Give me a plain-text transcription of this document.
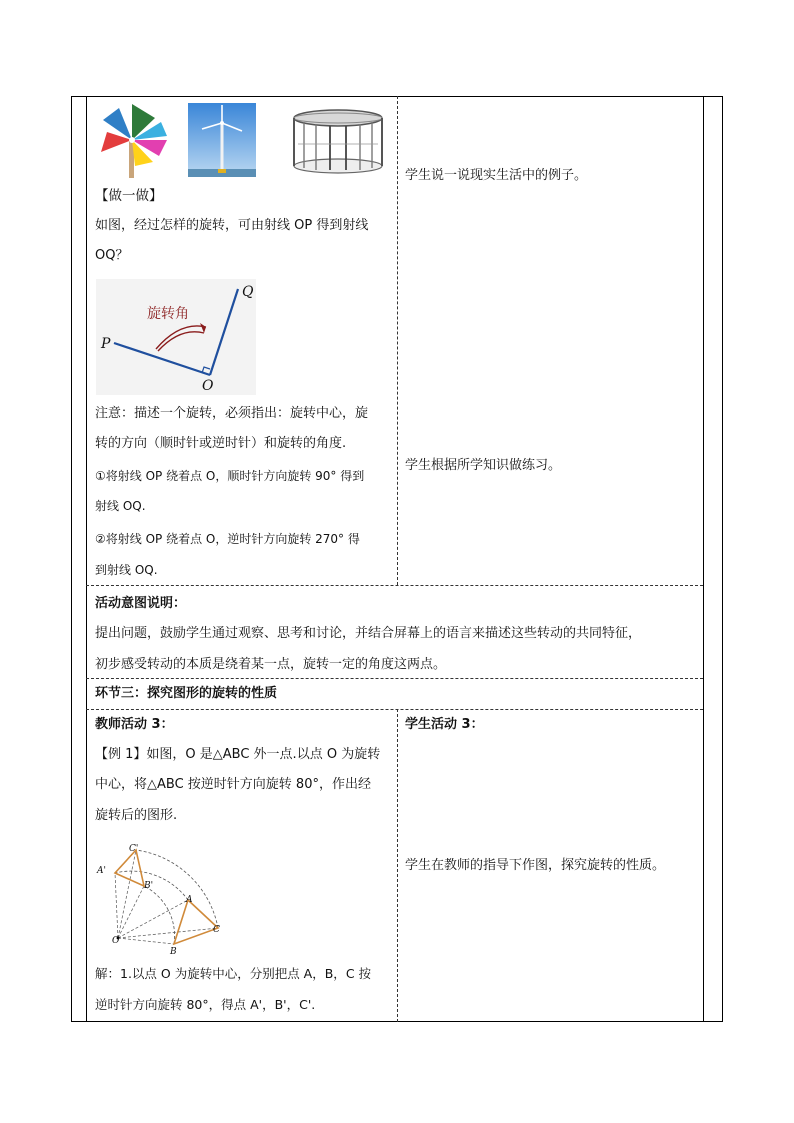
【做一做】
如图，经过怎样的旋转，可由射线 OP 得到射线
OQ？
旋转角
P
Q
O
注意：描述一个旋转，必须指出：旋转中心，旋
转的方向（顺时针或逆时针）和旋转的角度.
①将射线 OP 绕着点 O，顺时针方向旋转 90° 得到
射线 OQ.
②将射线 OP 绕着点 O，逆时针方向旋转 270° 得
到射线 OQ.
学生说一说现实生活中的例子。
学生根据所学知识做练习。
活动意图说明：
提出问题，鼓励学生通过观察、思考和讨论，并结合屏幕上的语言来描述这些转动的共同特征，
初步感受转动的本质是绕着某一点，旋转一定的角度这两点。
环节三：探究图形的旋转的性质
教师活动 3：
【例 1】如图，O 是△ABC 外一点.以点 O 为旋转
中心，将△ABC 按逆时针方向旋转 80°，作出经
旋转后的图形.
C'
A'
B'
A
C
B
O
解：1.以点 O 为旋转中心，分别把点 A，B，C 按
逆时针方向旋转 80°，得点 A'，B'，C'.
学生活动 3：
学生在教师的指导下作图，探究旋转的性质。
